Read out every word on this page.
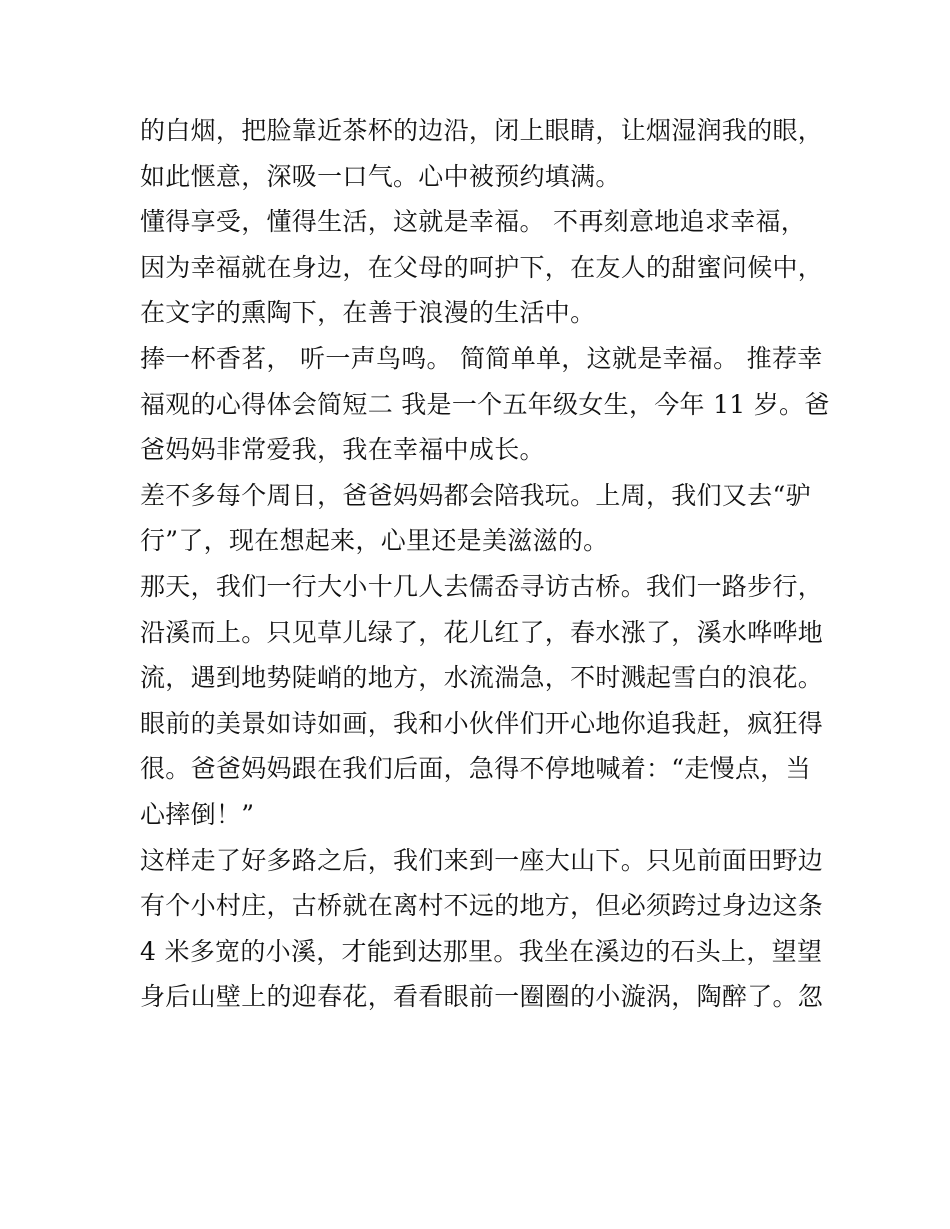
的白烟，把脸靠近茶杯的边沿，闭上眼睛，让烟湿润我的眼，
如此惬意，深吸一口气。心中被预约填满。
懂得享受，懂得生活，这就是幸福。 不再刻意地追求幸福，
因为幸福就在身边，在父母的呵护下，在友人的甜蜜问候中，
在文字的熏陶下，在善于浪漫的生活中。
捧一杯香茗， 听一声鸟鸣。 简简单单，这就是幸福。 推荐幸
福观的心得体会简短二 我是一个五年级女生，今年 11 岁。爸
爸妈妈非常爱我，我在幸福中成长。
差不多每个周日，爸爸妈妈都会陪我玩。上周，我们又去“驴
行”了，现在想起来，心里还是美滋滋的。
那天，我们一行大小十几人去儒岙寻访古桥。我们一路步行，
沿溪而上。只见草儿绿了，花儿红了，春水涨了，溪水哗哗地
流，遇到地势陡峭的地方，水流湍急，不时溅起雪白的浪花。
眼前的美景如诗如画，我和小伙伴们开心地你追我赶，疯狂得
很。爸爸妈妈跟在我们后面，急得不停地喊着：“走慢点，当
心摔倒！”
这样走了好多路之后，我们来到一座大山下。只见前面田野边
有个小村庄，古桥就在离村不远的地方，但必须跨过身边这条
4 米多宽的小溪，才能到达那里。我坐在溪边的石头上，望望
身后山壁上的迎春花，看看眼前一圈圈的小漩涡，陶醉了。忽
